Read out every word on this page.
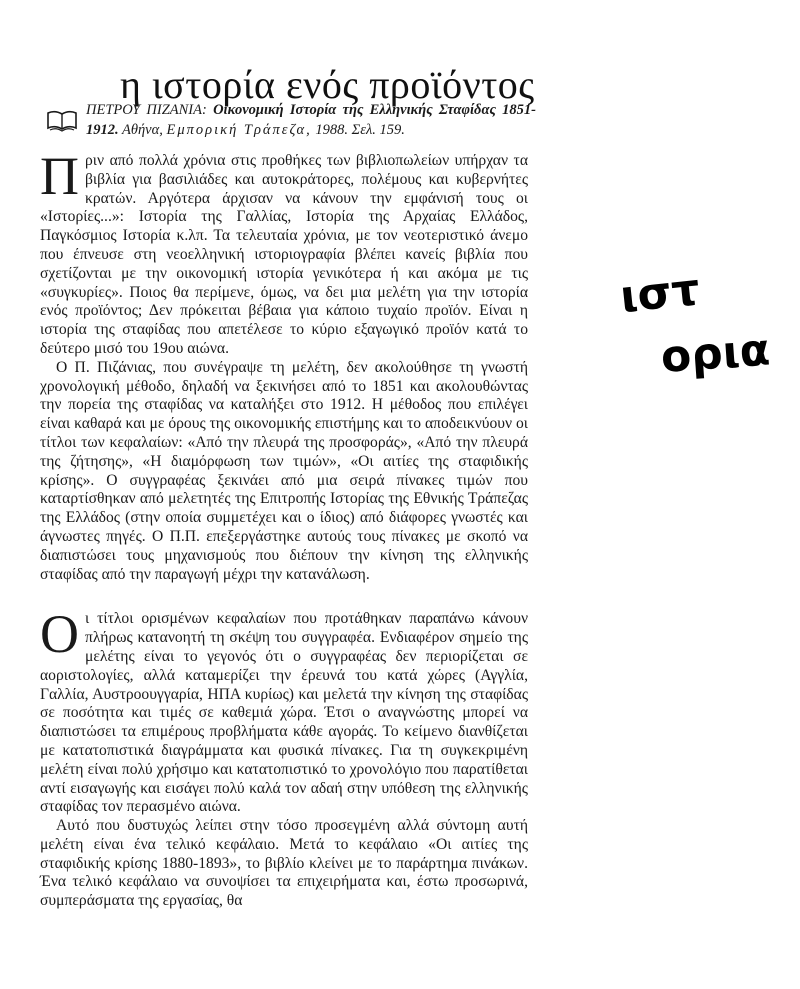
η ιστορία ενός προϊόντος
ΠΕΤΡΟΥ ΠΙΖΑΝΙΑ: Οικονομική Ιστορία της Ελληνικής Σταφίδας 1851-1912. Αθήνα, Εμπορική Τράπεζα, 1988. Σελ. 159.

Πριν από πολλά χρόνια στις προθήκες των βιβλιοπωλείων υπήρχαν τα βιβλία για βασιλιάδες και αυτοκράτορες, πολέμους και κυβερνήτες κρατών. Αργότερα άρχισαν να κάνουν την εμφάνισή τους οι «Ιστορίες...»: Ιστορία της Γαλλίας, Ιστορία της Αρχαίας Ελλάδος, Παγκόσμιος Ιστορία κ.λπ. Τα τελευταία χρόνια, με τον νεοτεριστικό άνεμο που έπνευσε στη νεοελληνική ιστοριογραφία βλέπει κανείς βιβλία που σχετίζονται με την οικονομική ιστορία γενικότερα ή και ακόμα με τις «συγκυρίες». Ποιος θα περίμενε, όμως, να δει μια μελέτη για την ιστορία ενός προϊόντος; Δεν πρόκειται βέβαια για κάποιο τυχαίο προϊόν. Είναι η ιστορία της σταφίδας που απετέλεσε το κύριο εξαγωγικό προϊόν κατά το δεύτερο μισό του 19ου αιώνα.

Ο Π. Πιζάνιας, που συνέγραψε τη μελέτη, δεν ακολούθησε τη γνωστή χρονολογική μέθοδο, δηλαδή να ξεκινήσει από το 1851 και ακολουθώντας την πορεία της σταφίδας να καταλήξει στο 1912. Η μέθοδος που επιλέγει είναι καθαρά και με όρους της οικονομικής επιστήμης και το αποδεικνύουν οι τίτλοι των κεφαλαίων: «Από την πλευρά της προσφοράς», «Από την πλευρά της ζήτησης», «Η διαμόρφωση των τιμών», «Οι αιτίες της σταφιδικής κρίσης». Ο συγγραφέας ξεκινάει από μια σειρά πίνακες τιμών που καταρτίσθηκαν από μελετητές της Επιτροπής Ιστορίας της Εθνικής Τράπεζας της Ελλάδος (στην οποία συμμετέχει και ο ίδιος) από διάφορες γνωστές και άγνωστες πηγές. Ο Π.Π. επεξεργάστηκε αυτούς τους πίνακες με σκοπό να διαπιστώσει τους μηχανισμούς που διέπουν την κίνηση της ελληνικής σταφίδας από την παραγωγή μέχρι την κατανάλωση.

Οι τίτλοι ορισμένων κεφαλαίων που προτάθηκαν παραπάνω κάνουν πλήρως κατανοητή τη σκέψη του συγγραφέα. Ενδιαφέρον σημείο της μελέτης είναι το γεγονός ότι ο συγγραφέας δεν περιορίζεται σε αοριστολογίες, αλλά καταμερίζει την έρευνά του κατά χώρες (Αγγλία, Γαλλία, Αυστροουγγαρία, ΗΠΑ κυρίως) και μελετά την κίνηση της σταφίδας σε ποσότητα και τιμές σε καθεμιά χώρα. Έτσι ο αναγνώστης μπορεί να διαπιστώσει τα επιμέρους προβλήματα κάθε αγοράς. Το κείμενο διανθίζεται με κατατοπιστικά διαγράμματα και φυσικά πίνακες. Για τη συγκεκριμένη μελέτη είναι πολύ χρήσιμο και κατατοπιστικό το χρονολόγιο που παρατίθεται αντί εισαγωγής και εισάγει πολύ καλά τον αδαή στην υπόθεση της ελληνικής σταφίδας τον περασμένο αιώνα.

Αυτό που δυστυχώς λείπει στην τόσο προσεγμένη αλλά σύντομη αυτή μελέτη είναι ένα τελικό κεφάλαιο. Μετά το κεφάλαιο «Οι αιτίες της σταφιδικής κρίσης 1880-1893», το βιβλίο κλείνει με το παράρτημα πινάκων. Ένα τελικό κεφάλαιο να συνοψίσει τα επιχειρήματα και, έστω προσωρινά, συμπεράσματα της εργασίας, θα

ιστ
ορια
